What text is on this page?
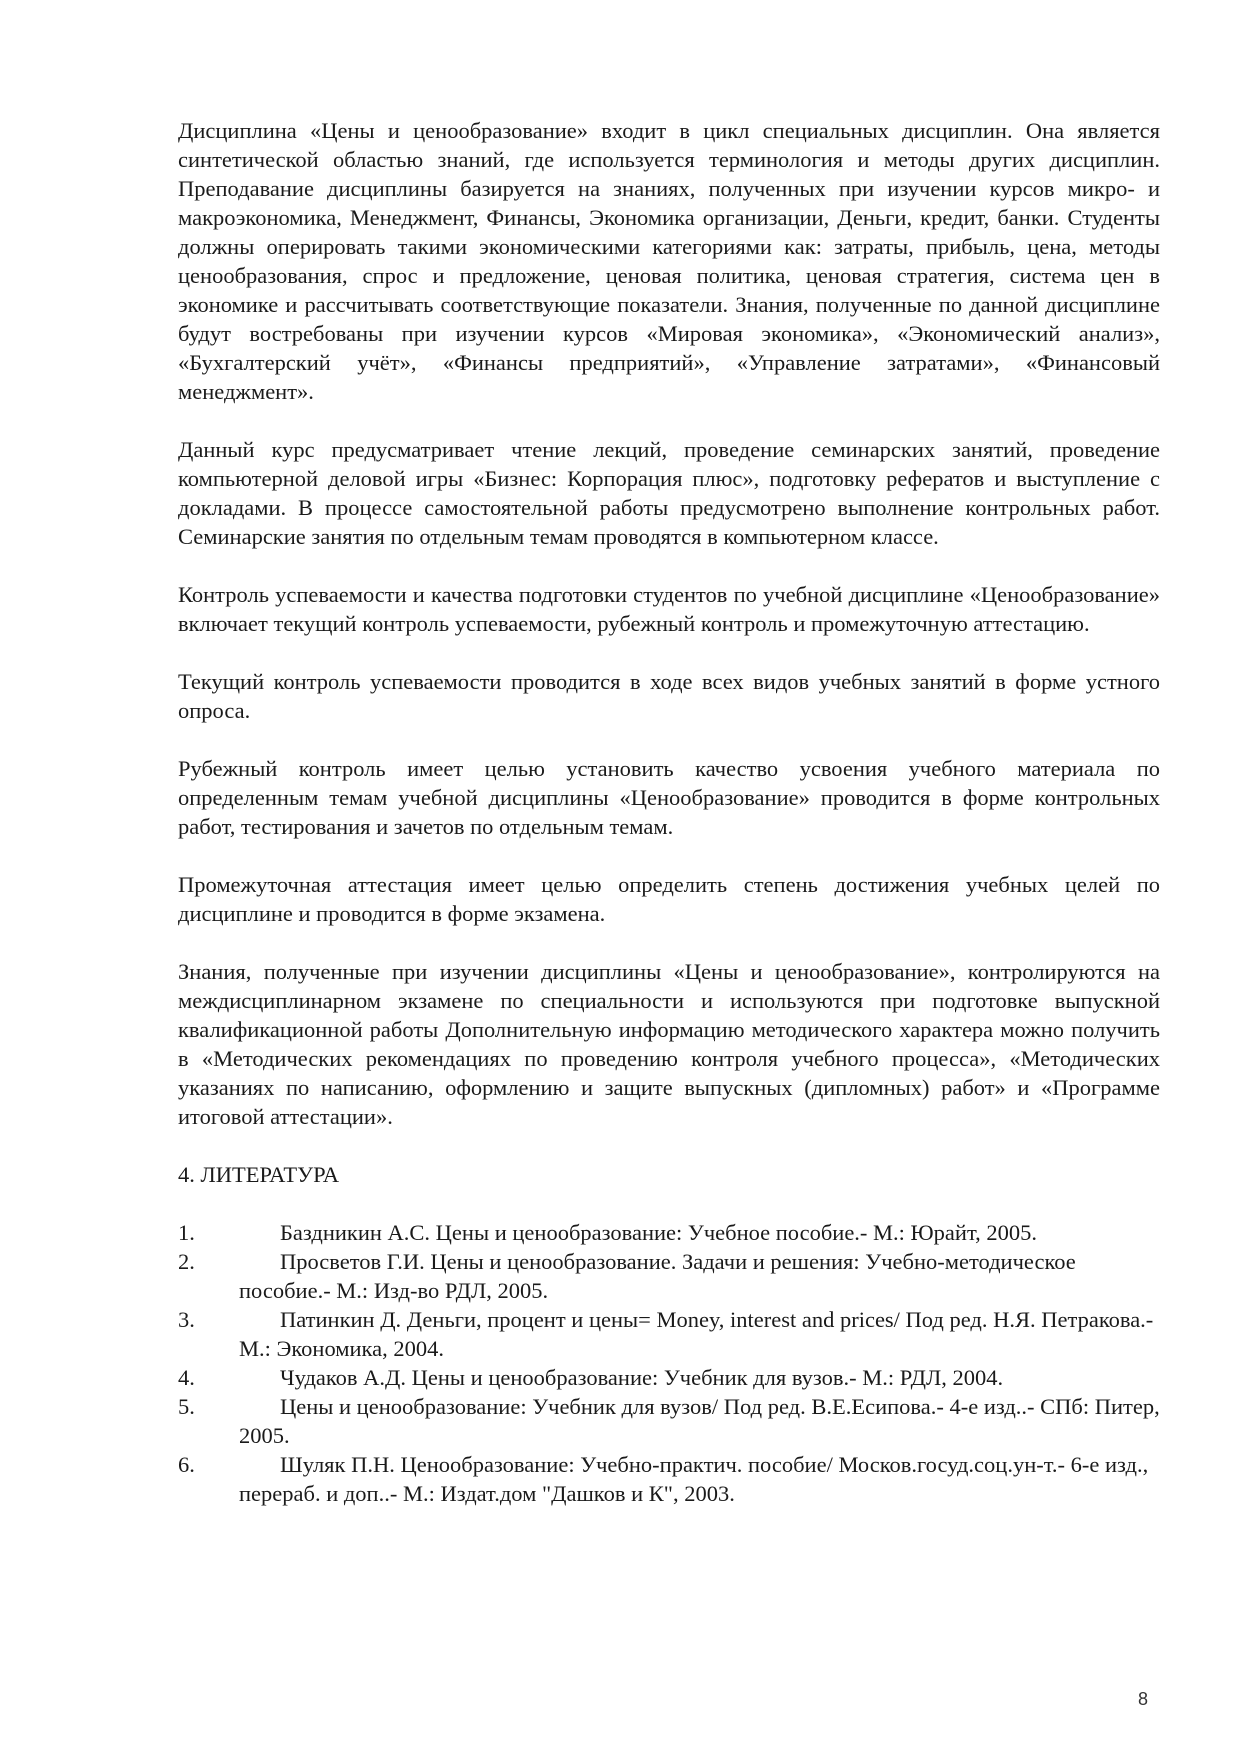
Дисциплина «Цены и ценообразование» входит в цикл специальных дисциплин. Она является синтетической областью знаний, где используется терминология и методы других дисциплин. Преподавание дисциплины базируется на знаниях, полученных при изучении курсов микро- и макроэкономика, Менеджмент, Финансы, Экономика организации, Деньги, кредит, банки. Студенты должны оперировать такими экономическими категориями как: затраты, прибыль, цена, методы ценообразования, спрос и предложение, ценовая политика, ценовая стратегия, система цен в экономике и рассчитывать соответствующие показатели. Знания, полученные по данной дисциплине будут востребованы при изучении курсов «Мировая экономика», «Экономический анализ», «Бухгалтерский учёт», «Финансы предприятий», «Управление затратами», «Финансовый менеджмент».

Данный курс предусматривает чтение лекций, проведение семинарских занятий, проведение компьютерной деловой игры «Бизнес: Корпорация плюс», подготовку рефератов и выступление с докладами. В процессе самостоятельной работы предусмотрено выполнение контрольных работ. Семинарские занятия по отдельным темам проводятся в компьютерном классе.

Контроль успеваемости и качества подготовки студентов по учебной дисциплине «Ценообразование» включает текущий контроль успеваемости, рубежный контроль и промежуточную аттестацию.

Текущий контроль успеваемости проводится в ходе всех видов учебных занятий в форме устного опроса.

Рубежный контроль имеет целью установить качество усвоения учебного материала по определенным темам учебной дисциплины «Ценообразование» проводится в форме контрольных работ, тестирования и зачетов по отдельным темам.

Промежуточная аттестация имеет целью определить степень достижения учебных целей по дисциплине и проводится в форме экзамена.

Знания, полученные при изучении дисциплины «Цены и ценообразование», контролируются на междисциплинарном экзамене по специальности и используются при подготовке выпускной квалификационной работы Дополнительную информацию методического характера можно получить в «Методических рекомендациях по проведению контроля учебного процесса», «Методических указаниях по написанию, оформлению и защите выпускных (дипломных) работ» и «Программе итоговой аттестации».

4. ЛИТЕРАТУРА
1.	Баздникин А.С. Цены и ценообразование: Учебное пособие.- М.: Юрайт, 2005.
2.	Просветов Г.И. Цены и ценообразование. Задачи и решения: Учебно-методическое пособие.- М.: Изд-во РДЛ, 2005.
3.	Патинкин Д. Деньги, процент и цены= Money, interest and prices/ Под ред. Н.Я. Петракова.- М.: Экономика, 2004.
4.	Чудаков А.Д. Цены и ценообразование: Учебник для вузов.- М.: РДЛ, 2004.
5.	Цены и ценообразование: Учебник для вузов/ Под ред. В.Е.Есипова.- 4-е изд..- СПб: Питер, 2005.
6.	Шуляк П.Н. Ценообразование: Учебно-практич. пособие/ Москов.госуд.соц.ун-т.- 6-е изд., перераб. и доп..- М.: Издат.дом "Дашков и К", 2003.
8
